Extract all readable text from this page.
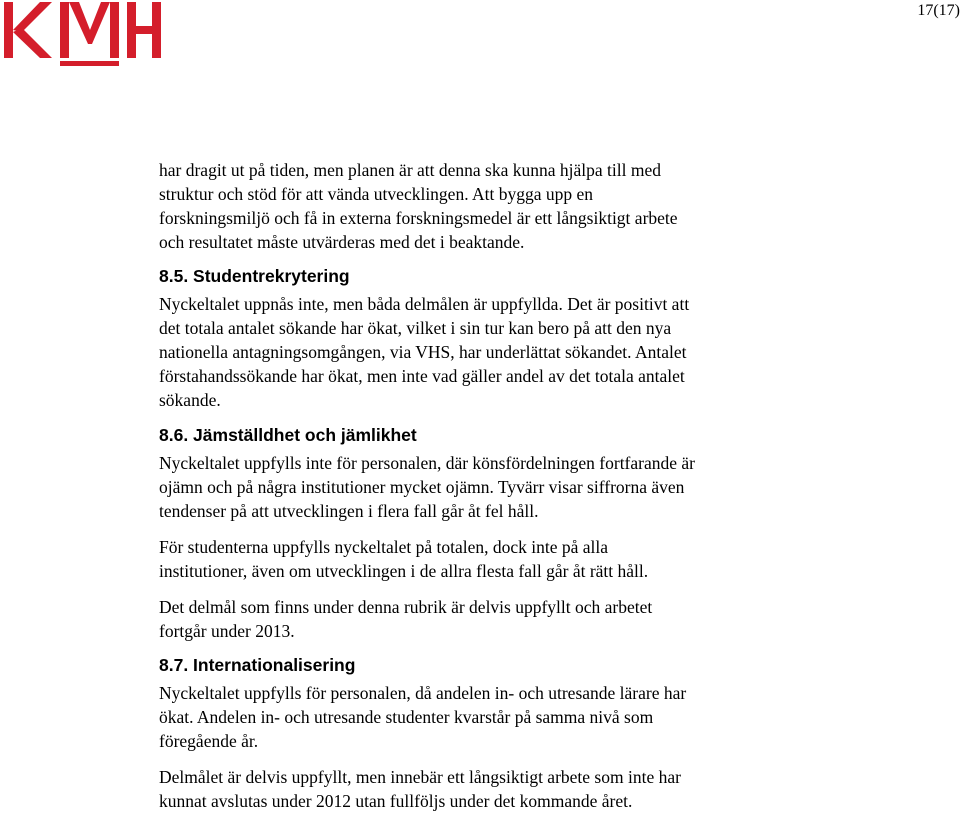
17(17)

har dragit ut på tiden, men planen är att denna ska kunna hjälpa till med
struktur och stöd för att vända utvecklingen. Att bygga upp en
forskningsmiljö och få in externa forskningsmedel är ett långsiktigt arbete
och resultatet måste utvärderas med det i beaktande.

8.5. Studentrekrytering

Nyckeltalet uppnås inte, men båda delmålen är uppfyllda. Det är positivt att
det totala antalet sökande har ökat, vilket i sin tur kan bero på att den nya
nationella antagningsomgången, via VHS, har underlättat sökandet. Antalet
förstahandssökande har ökat, men inte vad gäller andel av det totala antalet
sökande.

8.6. Jämställdhet och jämlikhet

Nyckeltalet uppfylls inte för personalen, där könsfördelningen fortfarande är
ojämn och på några institutioner mycket ojämn. Tyvärr visar siffrorna även
tendenser på att utvecklingen i flera fall går åt fel håll.

För studenterna uppfylls nyckeltalet på totalen, dock inte på alla
institutioner, även om utvecklingen i de allra flesta fall går åt rätt håll.

Det delmål som finns under denna rubrik är delvis uppfyllt och arbetet
fortgår under 2013.

8.7. Internationalisering

Nyckeltalet uppfylls för personalen, då andelen in- och utresande lärare har
ökat. Andelen in- och utresande studenter kvarstår på samma nivå som
föregående år.

Delmålet är delvis uppfyllt, men innebär ett långsiktigt arbete som inte har
kunnat avslutas under 2012 utan fullföljs under det kommande året.
